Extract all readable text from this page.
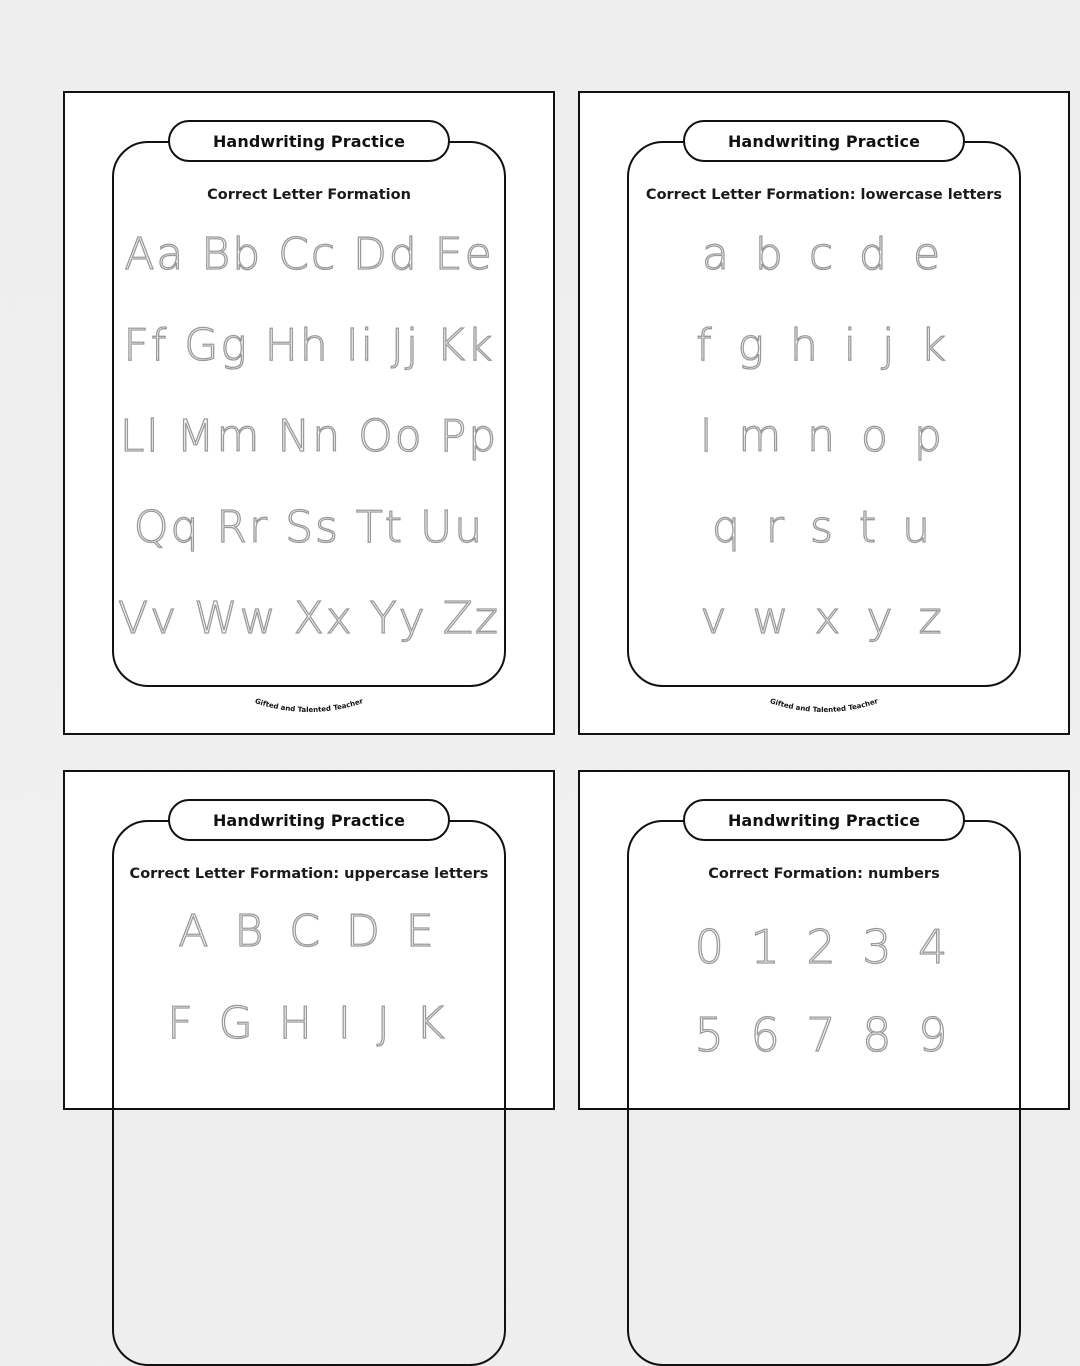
Handwriting Practice
Correct Letter Formation
Aa Bb Cc Dd Ee
Ff Gg Hh Ii Jj Kk
Ll Mm Nn Oo Pp
Qq Rr Ss Tt Uu
Vv Ww Xx Yy Zz
Gifted and Talented Teacher
Handwriting Practice
Correct Letter Formation: lowercase letters
a b c d e
f g h i j k
l m n o p
q r s t u
v w x y z
Gifted and Talented Teacher
Handwriting Practice
Correct Letter Formation: uppercase letters
A B C D E
F G H I J K
Handwriting Practice
Correct Formation: numbers
0 1 2 3 4
5 6 7 8 9
